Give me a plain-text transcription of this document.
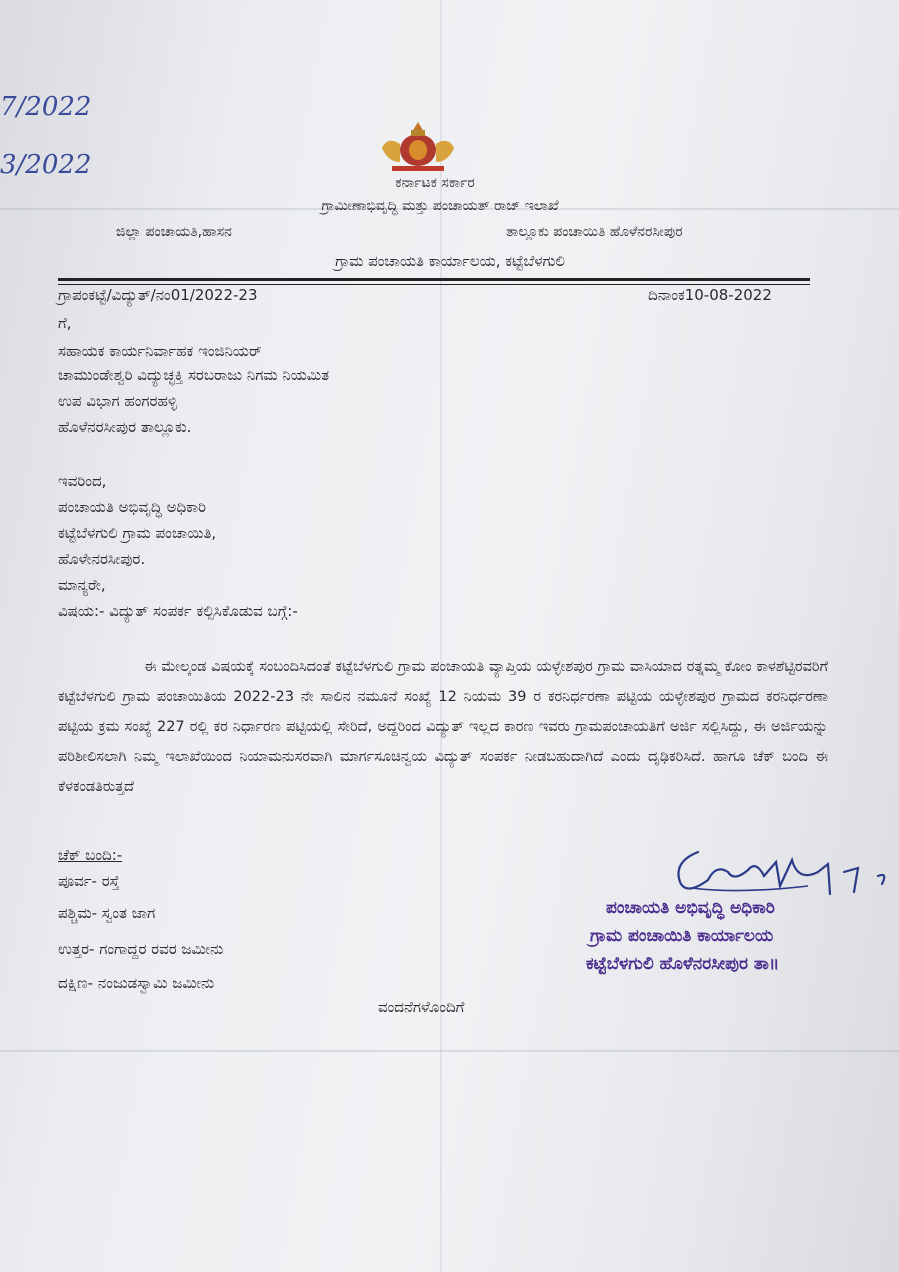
7/2022
3/2022
ಕರ್ನಾಟಕ ಸರ್ಕಾರ
ಗ್ರಾಮೀಣಾಭಿವೃದ್ಧಿ ಮತ್ತು ಪಂಚಾಯತ್ ರಾಜ್ ಇಲಾಖೆ
ಜಿಲ್ಲಾ ಪಂಚಾಯತಿ,ಹಾಸನ	ತಾಲ್ಲೂಕು ಪಂಚಾಯಿತಿ ಹೊಳೆನರಸೀಪುರ
ಗ್ರಾಮ ಪಂಚಾಯತಿ ಕಾರ್ಯಾಲಯ, ಕಟ್ಟೆಬೆಳಗುಲಿ
ಗ್ರಾಪಂಕಟ್ಟೆ/ವಿದ್ಯುತ್/ನಂ01/2022-23	ದಿನಾಂಕ10-08-2022
ಗೆ,
ಸಹಾಯಕ ಕಾರ್ಯನಿರ್ವಾಹಕ ಇಂಜಿನಿಯರ್
ಚಾಮುಂಡೇಶ್ವರಿ ವಿದ್ಯುಚ್ಛಕ್ತಿ ಸರಬರಾಜು ನಿಗಮ ನಿಯಮಿತ
ಉಪ ವಿಭಾಗ ಹಂಗರಹಳ್ಳಿ
ಹೊಳೆನರಸೀಪುರ ತಾಲ್ಲೂಕು.
ಇವರಿಂದ,
ಪಂಚಾಯತಿ ಅಭಿವೃದ್ಧಿ ಅಧಿಕಾರಿ
ಕಟ್ಟೆಬೆಳಗುಲಿ ಗ್ರಾಮ ಪಂಚಾಯಿತಿ,
ಹೊಳೇನರಸೀಪುರ.
ಮಾನ್ಯರೇ,
ವಿಷಯ:- ವಿದ್ಯುತ್ ಸಂಪರ್ಕ ಕಲ್ಪಿಸಿಕೊಡುವ ಬಗ್ಗೆ:-
ಈ ಮೇಲ್ಕಂಡ ವಿಷಯಕ್ಕೆ ಸಂಬಂದಿಸಿದಂತೆ ಕಟ್ಟೆಬೆಳಗುಲಿ ಗ್ರಾಮ ಪಂಚಾಯತಿ ವ್ಯಾಪ್ತಿಯ ಯಳ್ಳೇಶಪುರ ಗ್ರಾಮ ವಾಸಿಯಾದ ರತ್ನಮ್ಮ ಕೋಂ ಕಾಳಶೆಟ್ಟಿರವರಿಗೆ ಕಟ್ಟೆಬೆಳಗುಲಿ ಗ್ರಾಮ ಪಂಚಾಯಿತಿಯ 2022-23 ನೇ ಸಾಲಿನ ನಮೂನೆ ಸಂಖ್ಯೆ 12 ನಿಯಮ 39 ರ ಕರನಿರ್ಧರಣಾ ಪಟ್ಟಿಯ ಯಳ್ಳೇಶಪುರ ಗ್ರಾಮದ ಕರನಿರ್ಧರಣಾ ಪಟ್ಟಿಯ ಕ್ರಮ ಸಂಖ್ಯೆ 227 ರಲ್ಲಿ ಕರ ನಿರ್ಧಾರಣ ಪಟ್ಟಿಯಲ್ಲಿ ಸೇರಿದೆ, ಅದ್ದರಿಂದ ವಿದ್ಯುತ್ ಇಲ್ಲದ ಕಾರಣ ಇವರು ಗ್ರಾಮಪಂಚಾಯತಿಗೆ ಅರ್ಜಿ ಸಲ್ಲಿಸಿದ್ದು, ಈ ಅರ್ಜಿಯನ್ನು ಪರಿಶೀಲಿಸಲಾಗಿ ನಿಮ್ಮ ಇಲಾಖೆಯಿಂದ ನಿಯಾಮನುಸರವಾಗಿ ಮಾರ್ಗಸೂಚಿನ್ವಯ ವಿದ್ಯುತ್ ಸಂಪರ್ಕ ನೀಡಬಹುದಾಗಿದೆ ಎಂದು ದೃಢಿಕರಿಸಿದೆ. ಹಾಗೂ ಚೆಕ್ ಬಂದಿ ಈ ಕೆಳಕಂಡತಿರುತ್ತದೆ
ಚೆಕ್ ಬಂದಿ:-
ಪೂರ್ವ- ರಸ್ತೆ
ಪಶ್ಚಿಮ- ಸ್ವಂತ ಜಾಗ
ಉತ್ತರ- ಗಂಗಾದ್ದರ ರವರ ಜಮೀನು
ದಕ್ಷಿಣ- ನಂಜುಡಸ್ವಾಮಿ ಜಮೀನು
ವಂದನೆಗಳೊಂದಿಗೆ
ಪಂಚಾಯತಿ ಅಭಿವೃದ್ಧಿ ಅಧಿಕಾರಿ
ಗ್ರಾಮ ಪಂಚಾಯಿತಿ ಕಾರ್ಯಾಲಯ
ಕಟ್ಟೆಬೆಳಗುಲಿ ಹೊಳೆನರಸೀಪುರ ತಾ॥
